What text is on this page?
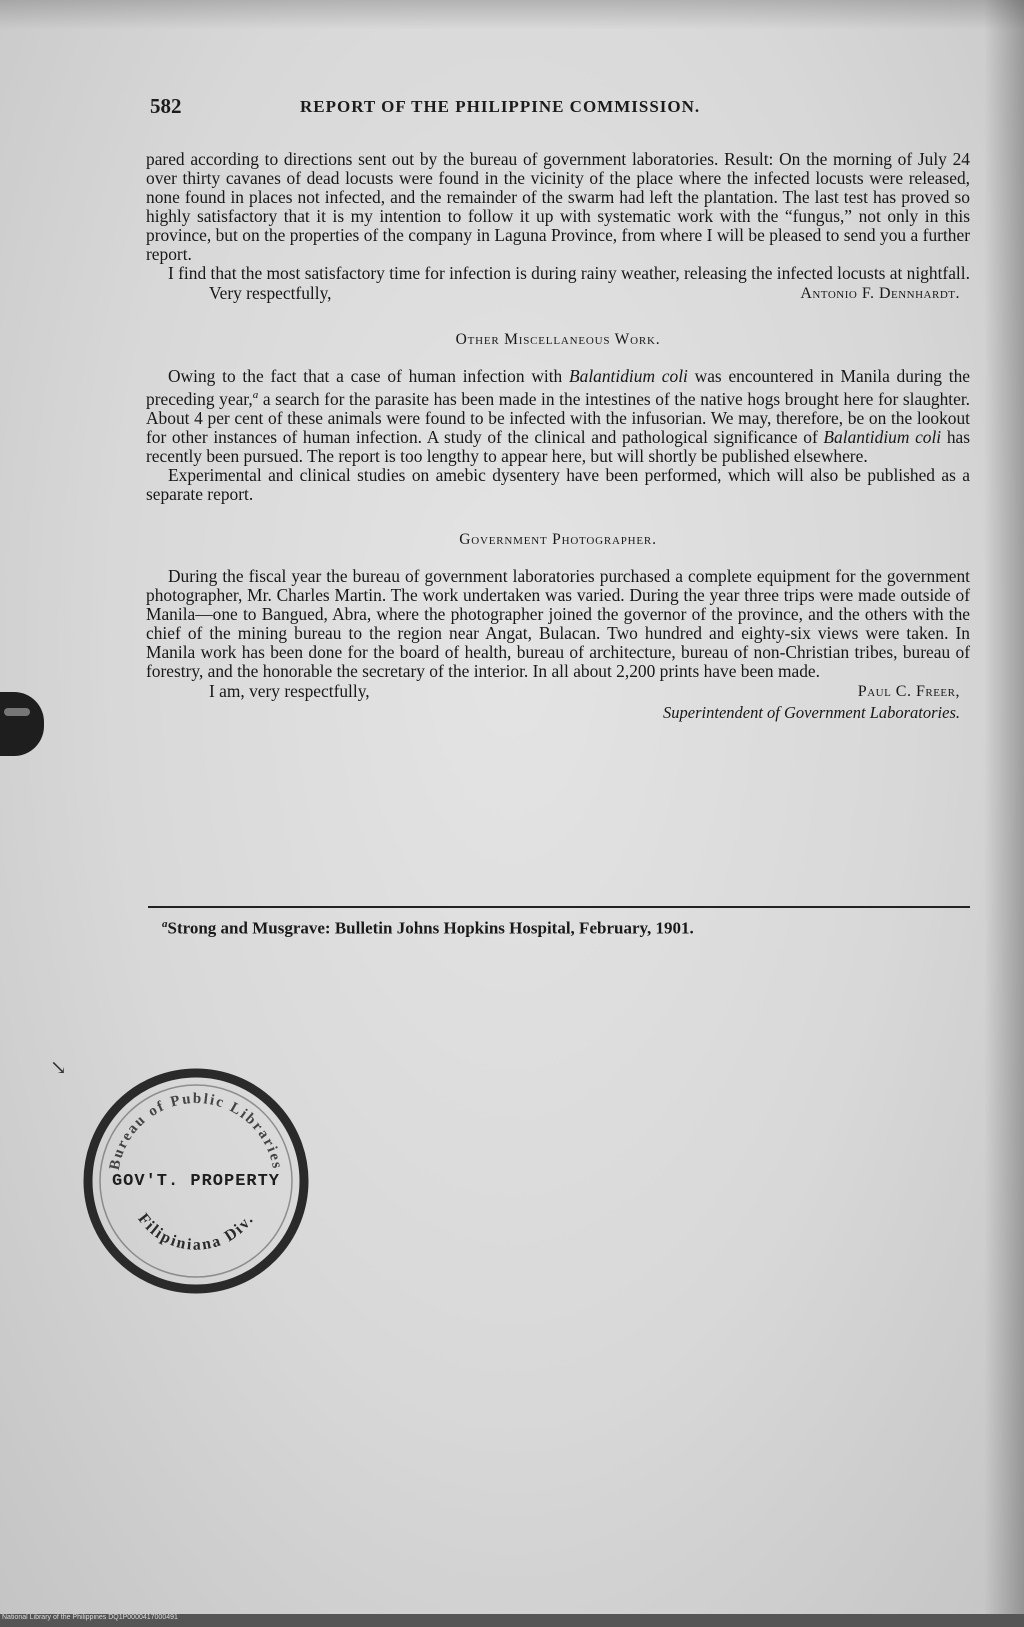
582	REPORT OF THE PHILIPPINE COMMISSION.

pared according to directions sent out by the bureau of government laboratories. Result: On the morning of July 24 over thirty cavanes of dead locusts were found in the vicinity of the place where the infected locusts were released, none found in places not infected, and the remainder of the swarm had left the plantation. The last test has proved so highly satisfactory that it is my intention to follow it up with systematic work with the “fungus,” not only in this province, but on the properties of the company in Laguna Province, from where I will be pleased to send you a further report.

I find that the most satisfactory time for infection is during rainy weather, releasing the infected locusts at nightfall.

Very respectfully,	Antonio F. Dennhardt.
Other Miscellaneous Work.

Owing to the fact that a case of human infection with Balantidium coli was encountered in Manila during the preceding year,$^a$ a search for the parasite has been made in the intestines of the native hogs brought here for slaughter. About 4 per cent of these animals were found to be infected with the infusorian. We may, therefore, be on the lookout for other instances of human infection. A study of the clinical and pathological significance of Balantidium coli has recently been pursued. The report is too lengthy to appear here, but will shortly be published elsewhere.

Experimental and clinical studies on amebic dysentery have been performed, which will also be published as a separate report.

Government Photographer.

During the fiscal year the bureau of government laboratories purchased a complete equipment for the government photographer, Mr. Charles Martin. The work undertaken was varied. During the year three trips were made outside of Manila—one to Bangued, Abra, where the photographer joined the governor of the province, and the others with the chief of the mining bureau to the region near Angat, Bulacan. Two hundred and eighty-six views were taken. In Manila work has been done for the board of health, bureau of architecture, bureau of non-Christian tribes, bureau of forestry, and the honorable the secretary of the interior. In all about 2,200 prints have been made.

I am, very respectfully,	Paul C. Freer,
Superintendent of Government Laboratories.
$^a$Strong and Musgrave: Bulletin Johns Hopkins Hospital, February, 1901.
↘
Bureau of Public Libraries
Filipiniana Div.
GOV'T. PROPERTY
National Library of the Philippines DQ1P0000417000491
